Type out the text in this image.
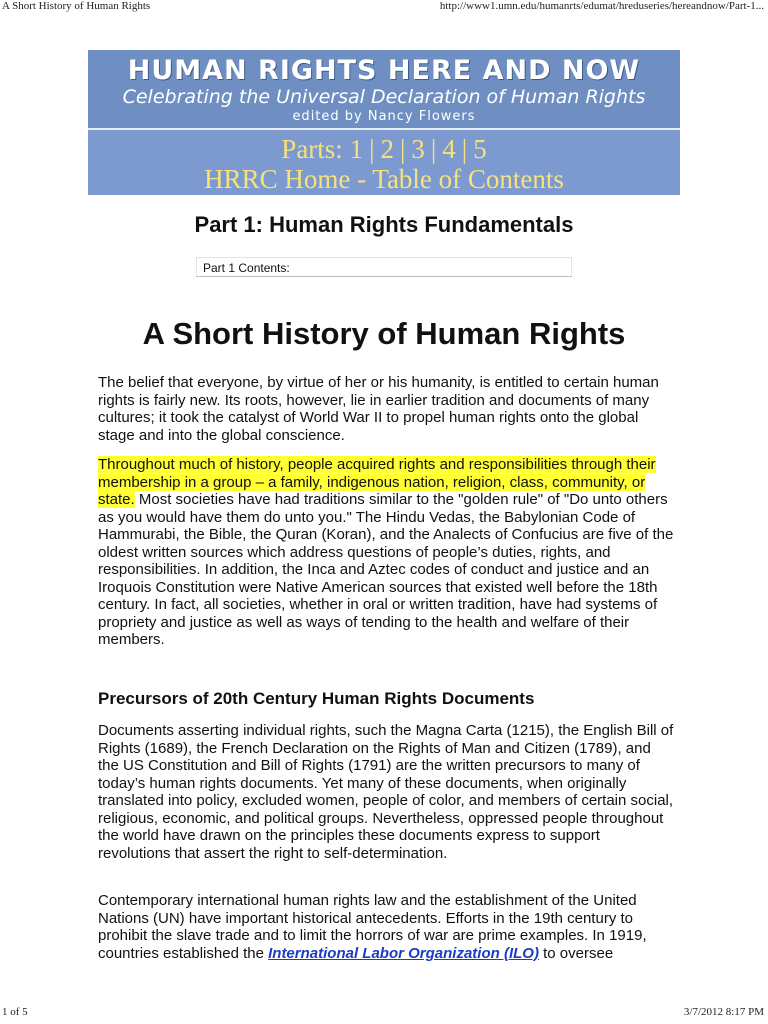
A Short History of Human Rights	http://www1.umn.edu/humanrts/edumat/hreduseries/hereandnow/Part-1...
HUMAN RIGHTS HERE AND NOW
Celebrating the Universal Declaration of Human Rights
edited by Nancy Flowers
Parts: 1 | 2 | 3 | 4 | 5
HRRC Home - Table of Contents
Part 1: Human Rights Fundamentals
Part 1 Contents:
A Short History of Human Rights

The belief that everyone, by virtue of her or his humanity, is entitled to certain human rights is fairly new. Its roots, however, lie in earlier tradition and documents of many cultures; it took the catalyst of World War II to propel human rights onto the global stage and into the global conscience.

Throughout much of history, people acquired rights and responsibilities through their membership in a group – a family, indigenous nation, religion, class, community, or state. Most societies have had traditions similar to the "golden rule" of "Do unto others as you would have them do unto you." The Hindu Vedas, the Babylonian Code of Hammurabi, the Bible, the Quran (Koran), and the Analects of Confucius are five of the oldest written sources which address questions of people’s duties, rights, and responsibilities. In addition, the Inca and Aztec codes of conduct and justice and an Iroquois Constitution were Native American sources that existed well before the 18th century. In fact, all societies, whether in oral or written tradition, have had systems of propriety and justice as well as ways of tending to the health and welfare of their members.

Precursors of 20th Century Human Rights Documents

Documents asserting individual rights, such the Magna Carta (1215), the English Bill of Rights (1689), the French Declaration on the Rights of Man and Citizen (1789), and the US Constitution and Bill of Rights (1791) are the written precursors to many of today’s human rights documents. Yet many of these documents, when originally translated into policy, excluded women, people of color, and members of certain social, religious, economic, and political groups. Nevertheless, oppressed people throughout the world have drawn on the principles these documents express to support revolutions that assert the right to self-determination.

Contemporary international human rights law and the establishment of the United Nations (UN) have important historical antecedents. Efforts in the 19th century to prohibit the slave trade and to limit the horrors of war are prime examples. In 1919, countries established the International Labor Organization (ILO) to oversee

1 of 5	3/7/2012 8:17 PM
